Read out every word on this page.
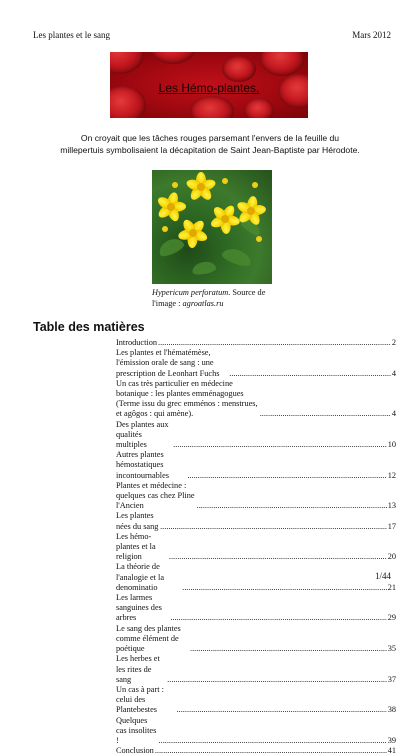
Les plantes et le sang	Mars 2012
Les Hémo-plantes.
On croyait que les tâches rouges parsemant l'envers de la feuille du millepertuis symbolisaient la décapitation de Saint Jean-Baptiste par Hérodote.
Hypericum perforatum. Source de l'image : agroatlas.ru
Table des matières
Introduction .....	2
Les plantes et l'hématémèse, l'émission orale de sang : une prescription de Leonhart Fuchs .....	4
Un cas très particulier en médecine botanique : les plantes emménagogues (Terme issu du grec emménos : menstrues, et agôgos : qui amène). .....	4
Des plantes aux qualités multiples .....	10
Autres plantes hémostatiques incontournables .....	12
Plantes et médecine : quelques cas chez Pline l'Ancien .....	13
Les plantes nées du sang .....	17
Les hémo-plantes et la religion .....	20
La théorie de l'analogie et la denominatio .....	21
Les larmes sanguines des arbres .....	29
Le sang des plantes comme élément de poétique .....	35
Les herbes et les rites de sang .....	37
Un cas à part : celui des Plantebestes .....	38
Quelques cas insolites ! .....	39
Conclusion .....	41
1/44
